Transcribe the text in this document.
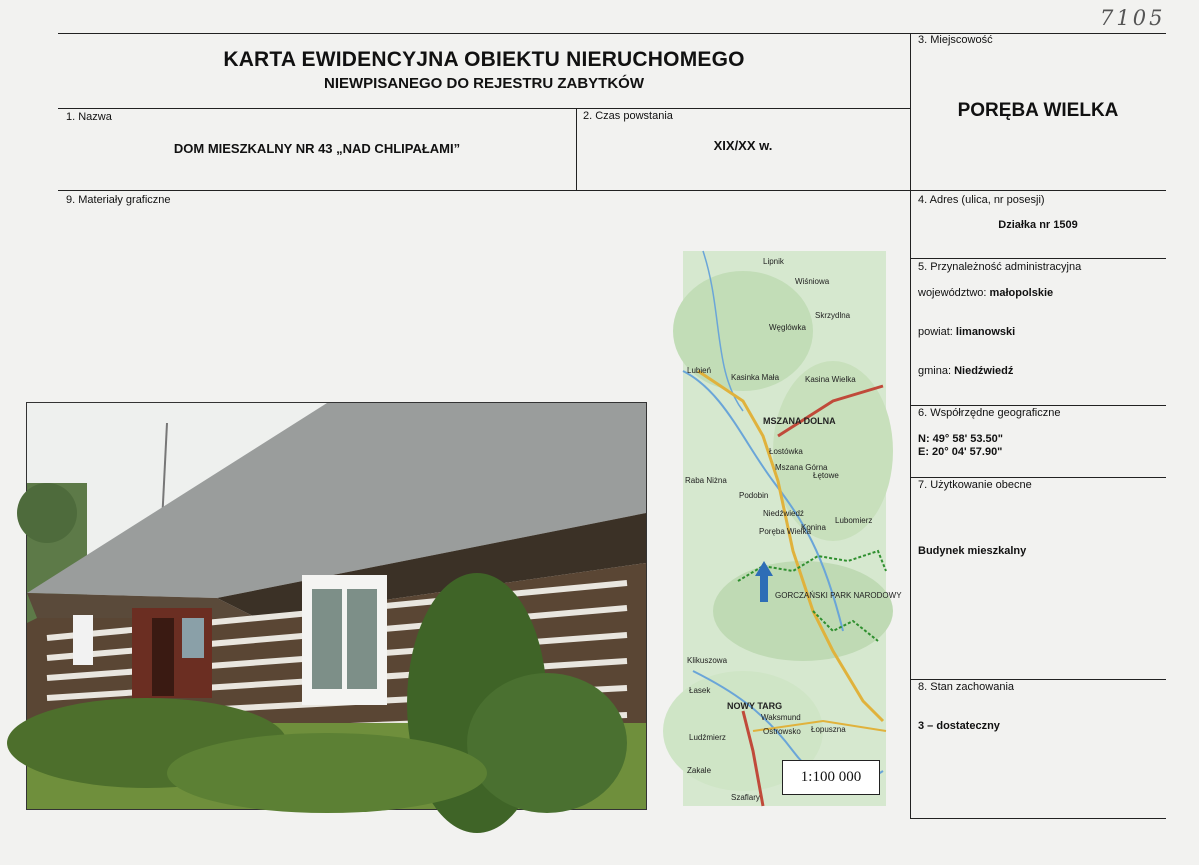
7105
KARTA EWIDENCYJNA OBIEKTU NIERUCHOMEGO
NIEWPISANEGO DO REJESTRU ZABYTKÓW
1. Nazwa
DOM MIESZKALNY NR 43 „NAD CHLIPAŁAMI”
2. Czas powstania
XIX/XX w.
3. Miejscowość
PORĘBA WIELKA
9. Materiały graficzne	4. Adres (ulica, nr posesji)
Działka nr 1509
5. Przynależność administracyjna
województwo: małopolskie
powiat: limanowski
gmina: Niedźwiedź
6. Współrzędne geograficzne
N: 49° 58' 53.50"
E: 20° 04' 57.90"
7. Użytkowanie obecne
Budynek mieszkalny
8. Stan zachowania
3 – dostateczny
Lipnik
Wiśniowa
Węglówka
Skrzydlna
Lubień
Kasinka Mała	Kasina Wielka
MSZANA DOLNA
Łostówka
Mszana Górna
Łętowe
Raba Niżna
Podobin
Niedźwiedź
Konina
Lubomierz
Poręba Wielka
GORCZAŃSKI PARK NARODOWY
Klikuszowa
Łasek
NOWY TARG
Waksmund
Ostrowsko Łopuszna
Ludźmierz
Szaflary
Zakale	1:100 000
